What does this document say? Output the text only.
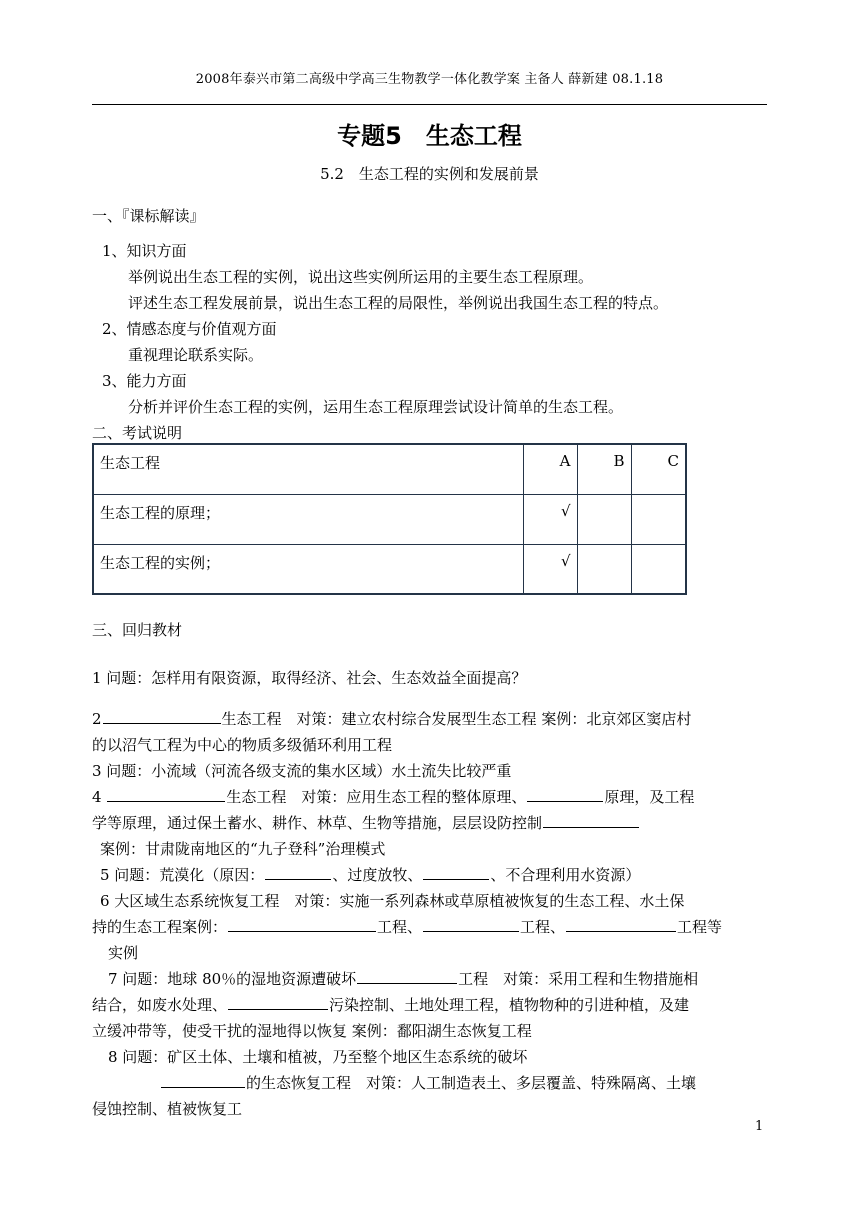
2008年泰兴市第二高级中学高三生物教学一体化教学案 主备人 薛新建 08.1.18
专题5　生态工程
5.2　生态工程的实例和发展前景
一、『课标解读』
1、知识方面
举例说出生态工程的实例，说出这些实例所运用的主要生态工程原理。
评述生态工程发展前景，说出生态工程的局限性，举例说出我国生态工程的特点。
2、情感态度与价值观方面
重视理论联系实际。
3、能力方面
分析并评价生态工程的实例，运用生态工程原理尝试设计简单的生态工程。
二、考试说明
生态工程	A	B	C
生态工程的原理；	√		
生态工程的实例；	√		
三、回归教材
1 问题：怎样用有限资源，取得经济、社会、生态效益全面提高？
2	生态工程　对策：建立农村综合发展型生态工程 案例：北京郊区窦店村
的以沼气工程为中心的物质多级循环利用工程
3 问题：小流域（河流各级支流的集水区域）水土流失比较严重
4	生态工程　对策：应用生态工程的整体原理、	原理，及工程
学等原理，通过保土蓄水、耕作、林草、生物等措施，层层设防控制
案例：甘肃陇南地区的“九子登科”治理模式
5 问题：荒漠化（原因：	、过度放牧、	、不合理利用水资源）
6 大区域生态系统恢复工程　对策：实施一系列森林或草原植被恢复的生态工程、水土保
持的生态工程案例：	工程、	工程、	工程等
实例
7 问题：地球 80％的湿地资源遭破坏	工程　对策：采用工程和生物措施相
结合，如废水处理、	污染控制、土地处理工程，植物物种的引进种植，及建
立缓冲带等，使受干扰的湿地得以恢复 案例：鄱阳湖生态恢复工程
8 问题：矿区土体、土壤和植被，乃至整个地区生态系统的破坏
的生态恢复工程　对策：人工制造表土、多层覆盖、特殊隔离、土壤
侵蚀控制、植被恢复工
1
